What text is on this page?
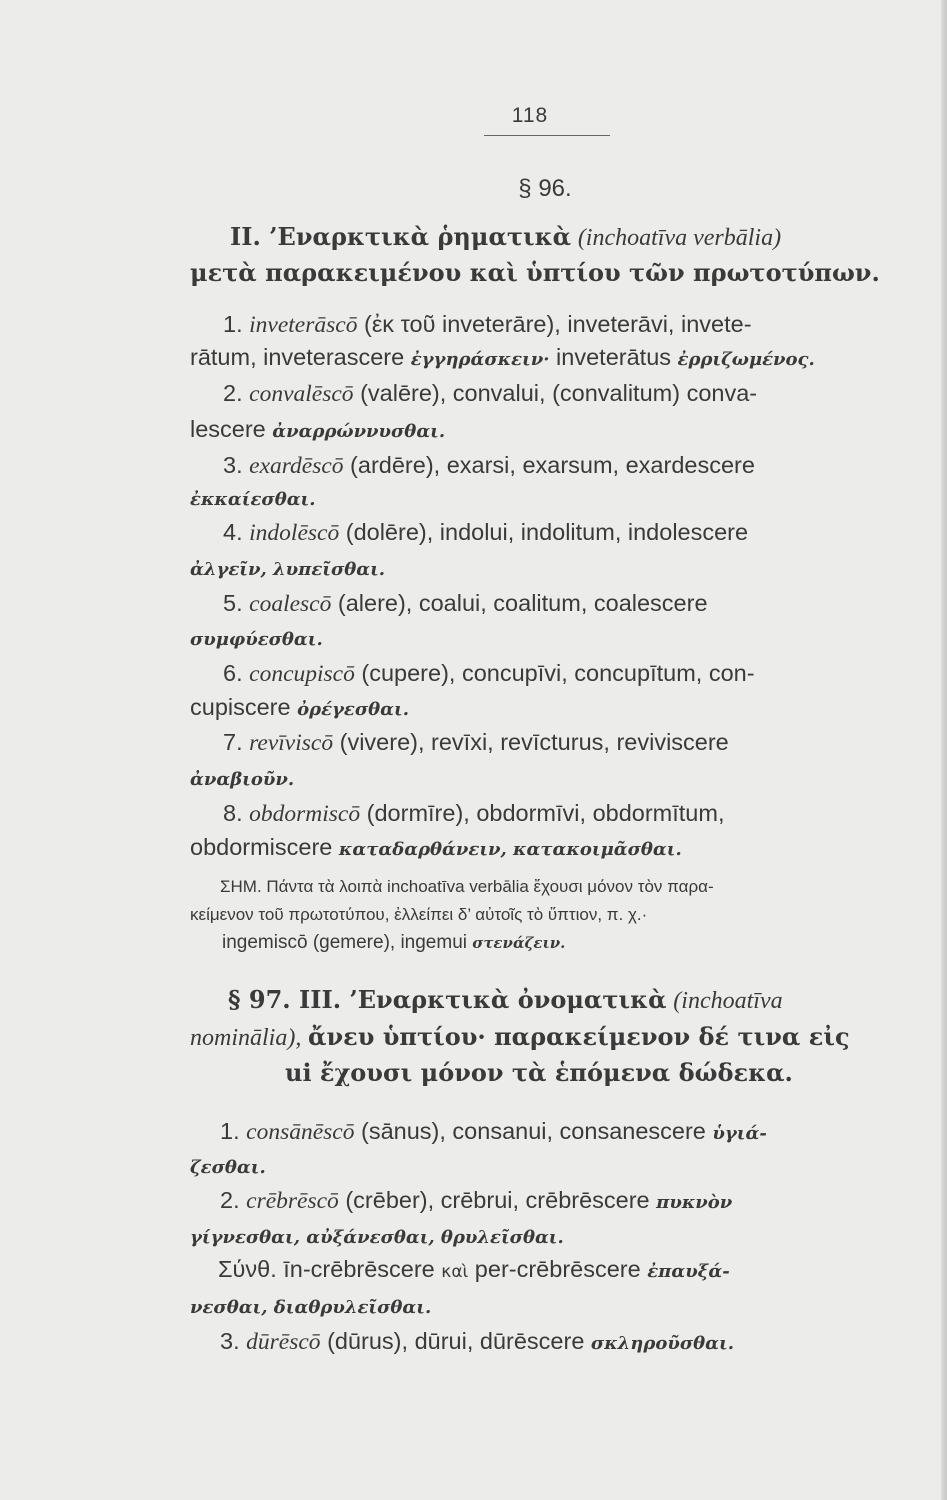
118
§ 96.
II. ’Εναρκτικὰ ῥηματικὰ (inchoatīva verbālia)
μετὰ παρακειμένου καὶ ὑπτίου τῶν πρωτοτύπων.
1. inveterāscō (ἐκ τοῦ inveterāre), inveterāvi, invete-
rātum, inveterascere ἐγγηράσκειν· inveterātus ἐρριζωμένος.
2. convalēscō (valēre), convalui, (convalitum) conva-
lescere ἀναρρώννυσθαι.
3. exardēscō (ardēre), exarsi, exarsum, exardescere
ἐκκαίεσθαι.
4. indolēscō (dolēre), indolui, indolitum, indolescere
ἀλγεῖν, λυπεῖσθαι.
5. coalescō (alere), coalui, coalitum, coalescere
συμφύεσθαι.
6. concupiscō (cupere), concupīvi, concupītum, con-
cupiscere ὀρέγεσθαι.
7. revīviscō (vivere), revīxi, revīcturus, reviviscere
ἀναβιοῦν.
8. obdormiscō (dormīre), obdormīvi, obdormītum,
obdormiscere καταδαρθάνειν, κατακοιμᾶσθαι.
ΣΗΜ. Πάντα τὰ λοιπὰ inchoatīva verbālia ἔχουσι μόνον τὸν παρα-
κείμενον τοῦ πρωτοτύπου, ἐλλείπει δ’ αὐτοῖς τὸ ὕπτιον, π. χ.·
ingemiscō (gemere), ingemui στενάζειν.
§ 97. III. ’Εναρκτικὰ ὀνοματικὰ (inchoatīva
nominālia), ἄνευ ὑπτίου· παρακείμενον δέ τινα εἰς
ui ἔχουσι μόνον τὰ ἑπόμενα δώδεκα.
1. consānēscō (sānus), consanui, consanescere ὑγιά-
ζεσθαι.
2. crēbrēscō (crēber), crēbrui, crēbrēscere πυκνὸν
γίγνεσθαι, αὐξάνεσθαι, θρυλεῖσθαι.
Σύνθ. īn-crēbrēscere καὶ per-crēbrēscere ἐπαυξά-
νεσθαι, διαθρυλεῖσθαι.
3. dūrēscō (dūrus), dūrui, dūrēscere σκληροῦσθαι.
